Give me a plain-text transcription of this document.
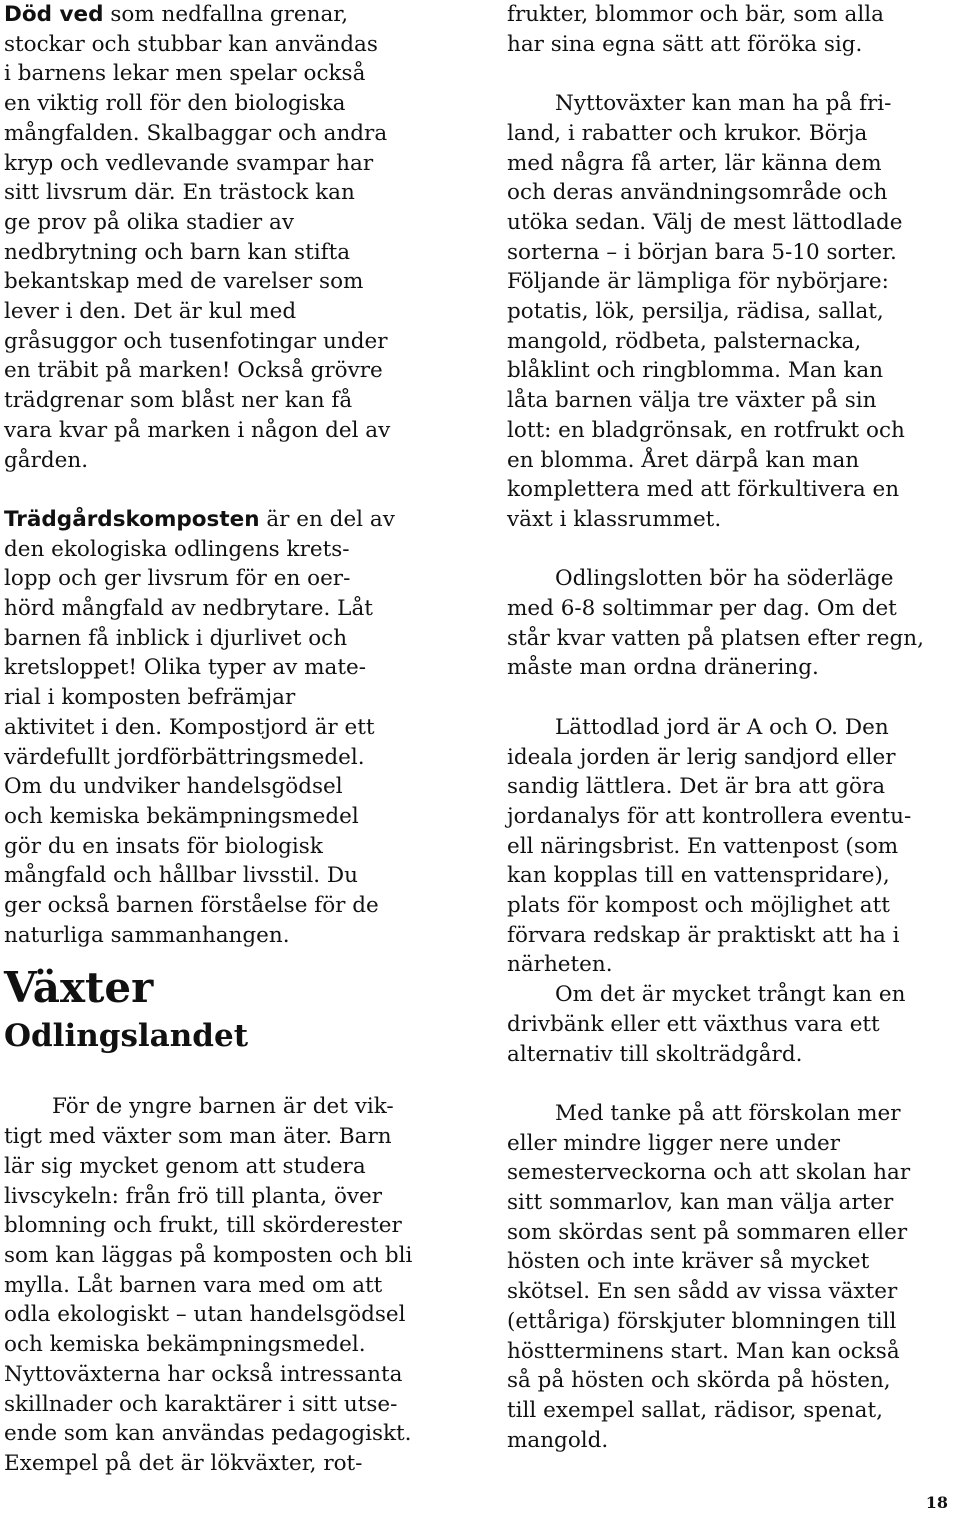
Död ved som nedfallna grenar,
stockar och stubbar kan användas
i barnens lekar men spelar också
en viktig roll för den biologiska
mångfalden. Skalbaggar och andra
kryp och vedlevande svampar har
sitt livsrum där. En trästock kan
ge prov på olika stadier av
nedbrytning och barn kan stifta
bekantskap med de varelser som
lever i den. Det är kul med
gråsuggor och tusenfotingar under
en träbit på marken! Också grövre
trädgrenar som blåst ner kan få
vara kvar på marken i någon del av
gården.
Trädgårdskomposten är en del av
den ekologiska odlingens krets-
lopp och ger livsrum för en oer-
hörd mångfald av nedbrytare. Låt
barnen få inblick i djurlivet och
kretsloppet! Olika typer av mate-
rial i komposten befrämjar
aktivitet i den. Kompostjord är ett
värdefullt jordförbättringsmedel.
Om du undviker handelsgödsel
och kemiska bekämpningsmedel
gör du en insats för biologisk
mångfald och hållbar livsstil. Du
ger också barnen förståelse för de
naturliga sammanhangen.
Växter
Odlingslandet
För de yngre barnen är det vik-
tigt med växter som man äter. Barn
lär sig mycket genom att studera
livscykeln: från frö till planta, över
blomning och frukt, till skörderester
som kan läggas på komposten och bli
mylla. Låt barnen vara med om att
odla ekologiskt – utan handelsgödsel
och kemiska bekämpningsmedel.
Nyttoväxterna har också intressanta
skillnader och karaktärer i sitt utse-
ende som kan användas pedagogiskt.
Exempel på det är lökväxter, rot-
frukter, blommor och bär, som alla
har sina egna sätt att föröka sig.
Nyttoväxter kan man ha på fri-
land, i rabatter och krukor. Börja
med några få arter, lär känna dem
och deras användningsområde och
utöka sedan. Välj de mest lättodlade
sorterna – i början bara 5-10 sorter.
Följande är lämpliga för nybörjare:
potatis, lök, persilja, rädisa, sallat,
mangold, rödbeta, palsternacka,
blåklint och ringblomma. Man kan
låta barnen välja tre växter på sin
lott: en bladgrönsak, en rotfrukt och
en blomma. Året därpå kan man
komplettera med att förkultivera en
växt i klassrummet.
Odlingslotten bör ha söderläge
med 6-8 soltimmar per dag. Om det
står kvar vatten på platsen efter regn,
måste man ordna dränering.
Lättodlad jord är A och O. Den
ideala jorden är lerig sandjord eller
sandig lättlera. Det är bra att göra
jordanalys för att kontrollera eventu-
ell näringsbrist. En vattenpost (som
kan kopplas till en vattenspridare),
plats för kompost och möjlighet att
förvara redskap är praktiskt att ha i
närheten.
Om det är mycket trångt kan en
drivbänk eller ett växthus vara ett
alternativ till skolträdgård.
Med tanke på att förskolan mer
eller mindre ligger nere under
semesterveckorna och att skolan har
sitt sommarlov, kan man välja arter
som skördas sent på sommaren eller
hösten och inte kräver så mycket
skötsel. En sen sådd av vissa växter
(ettåriga) förskjuter blomningen till
höstterminens start. Man kan också
så på hösten och skörda på hösten,
till exempel sallat, rädisor, spenat,
mangold.
18
